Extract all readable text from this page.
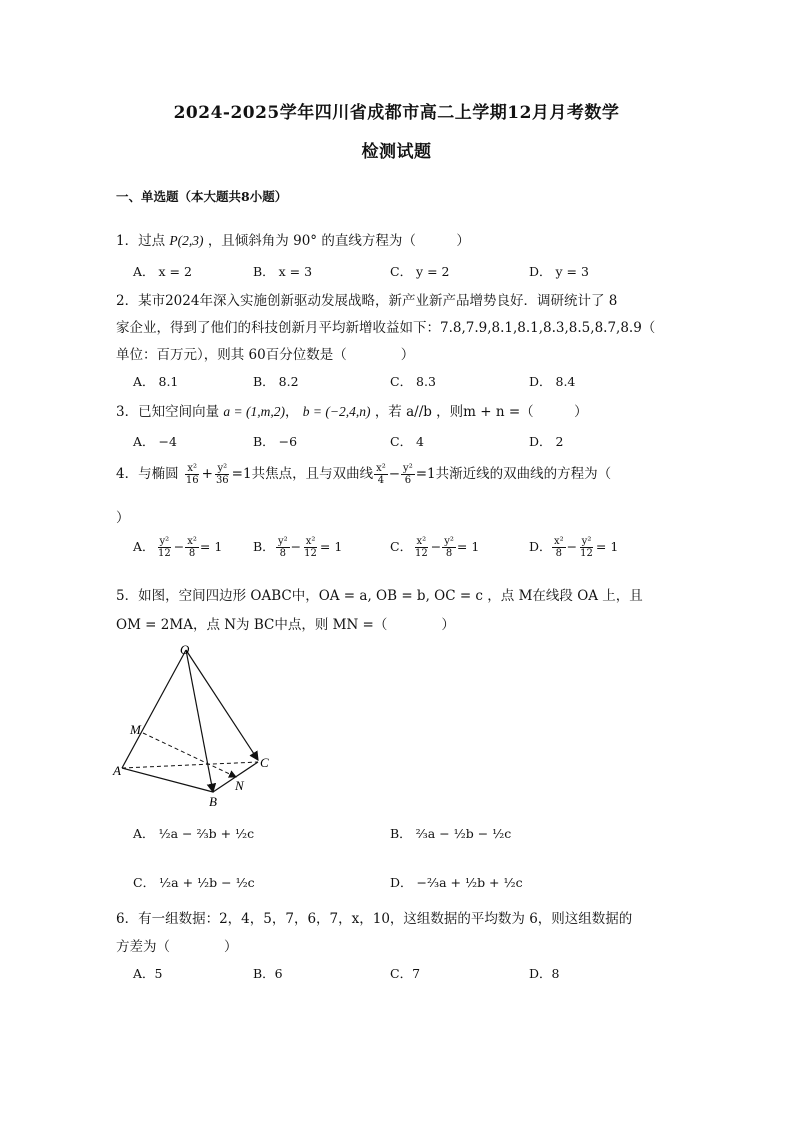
2024-2025学年四川省成都市高二上学期12月月考数学
检测试题
一、单选题（本大题共8小题）
1．过点 P(2,3) ，且倾斜角为 90° 的直线方程为（　　　）
A． x = 2	B． x = 3	C． y = 2	D． y = 3
2．某市2024年深入实施创新驱动发展战略，新产业新产品增势良好．调研统计了 8
家企业，得到了他们的科技创新月平均新增收益如下：7.8,7.9,8.1,8.1,8.3,8.5,8.7,8.9（
单位：百万元），则其 60百分位数是（　　　　）
A． 8.1	B． 8.2	C． 8.3	D． 8.4
3．已知空间向量 a = (1,m,2)， b = (−2,4,n) ，若 a//b ，则m + n =（　　　）
A． −4	B． −6	C． 4	D． 2
4．与椭圆 $\frac{\text{x²}}{16} + \frac{\text{y²}}{36} =1$共焦点，且与双曲线 $\frac{\text{x²}}{4} - \frac{\text{y²}}{6} =1$共渐近线的双曲线的方程为（
）
A． $\frac{\text{y²}}{12} - \frac{\text{x²}}{8} = 1$ B． $\frac{\text{y²}}{8} - \frac{\text{x²}}{12} = 1$	C． $\frac{\text{x²}}{12} - \frac{\text{y²}}{8} = 1$	D． $\frac{\text{x²}}{8} - \frac{\text{y²}}{12} = 1$
5．如图，空间四边形 OABC中，OA = a, OB = b, OC = c ，点 M在线段 OA 上，且
OM = 2MA，点 N为 BC中点，则 MN =（　　　　）
O
M
A
B
C
N
A． ½a − ⅔b + ½c	B． ⅔a − ½b − ½c
C． ½a + ½b − ½c	D． −⅔a + ½b + ½c
6．有一组数据：2，4，5，7，6，7，x，10，这组数据的平均数为 6，则这组数据的
方差为（　　　　）
A．5	B．6	C．7	D．8
